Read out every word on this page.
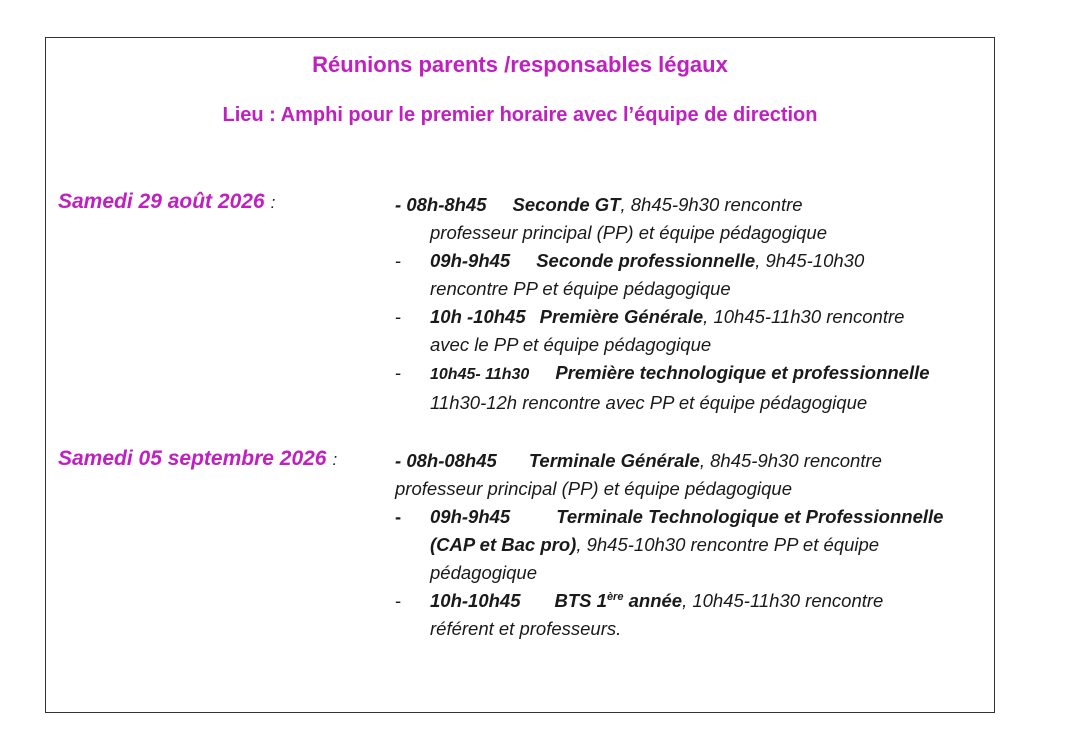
Réunions parents /responsables légaux
Lieu : Amphi pour le premier horaire avec l’équipe de direction
Samedi 29 août 2026 :	- 08h-8h45 Seconde GT, 8h45-9h30 rencontre
professeur principal (PP) et équipe pédagogique
- 09h-9h45 Seconde professionnelle, 9h45-10h30
rencontre PP et équipe pédagogique
- 10h -10h45 Première Générale, 10h45-11h30 rencontre
avec le PP et équipe pédagogique
- 10h45- 11h30 Première technologique et professionnelle
11h30-12h rencontre avec PP et équipe pédagogique
Samedi 05 septembre 2026 :	- 08h-08h45 Terminale Générale, 8h45-9h30 rencontre
professeur principal (PP) et équipe pédagogique
- 09h-9h45 Terminale Technologique et Professionnelle
(CAP et Bac pro), 9h45-10h30 rencontre PP et équipe
pédagogique
- 10h-10h45 BTS 1ère année, 10h45-11h30 rencontre
référent et professeurs.
